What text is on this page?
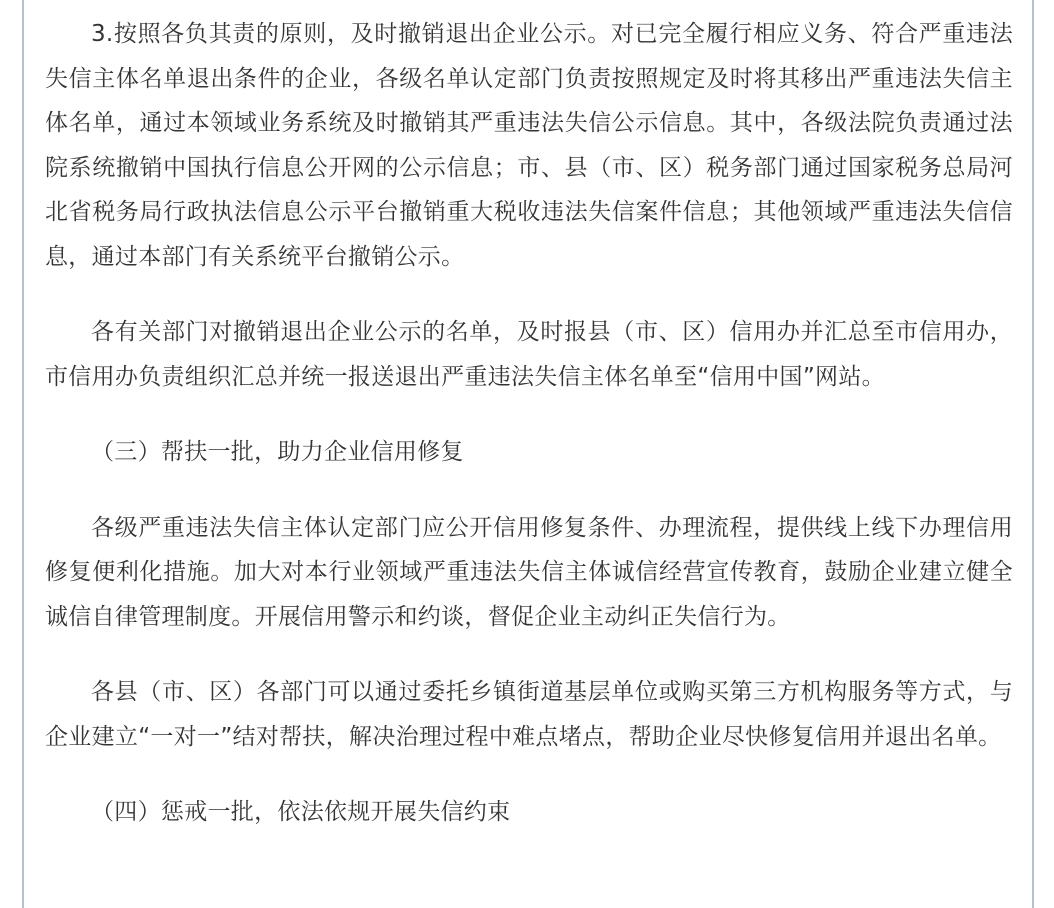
3.按照各负其责的原则，及时撤销退出企业公示。对已完全履行相应义务、符合严重违法失信主体名单退出条件的企业，各级名单认定部门负责按照规定及时将其移出严重违法失信主体名单，通过本领域业务系统及时撤销其严重违法失信公示信息。其中，各级法院负责通过法院系统撤销中国执行信息公开网的公示信息；市、县（市、区）税务部门通过国家税务总局河北省税务局行政执法信息公示平台撤销重大税收违法失信案件信息；其他领域严重违法失信信息，通过本部门有关系统平台撤销公示。

各有关部门对撤销退出企业公示的名单，及时报县（市、区）信用办并汇总至市信用办，市信用办负责组织汇总并统一报送退出严重违法失信主体名单至“信用中国”网站。

（三）帮扶一批，助力企业信用修复

各级严重违法失信主体认定部门应公开信用修复条件、办理流程，提供线上线下办理信用修复便利化措施。加大对本行业领域严重违法失信主体诚信经营宣传教育，鼓励企业建立健全诚信自律管理制度。开展信用警示和约谈，督促企业主动纠正失信行为。

各县（市、区）各部门可以通过委托乡镇街道基层单位或购买第三方机构服务等方式，与企业建立“一对一”结对帮扶，解决治理过程中难点堵点，帮助企业尽快修复信用并退出名单。

（四）惩戒一批，依法依规开展失信约束
